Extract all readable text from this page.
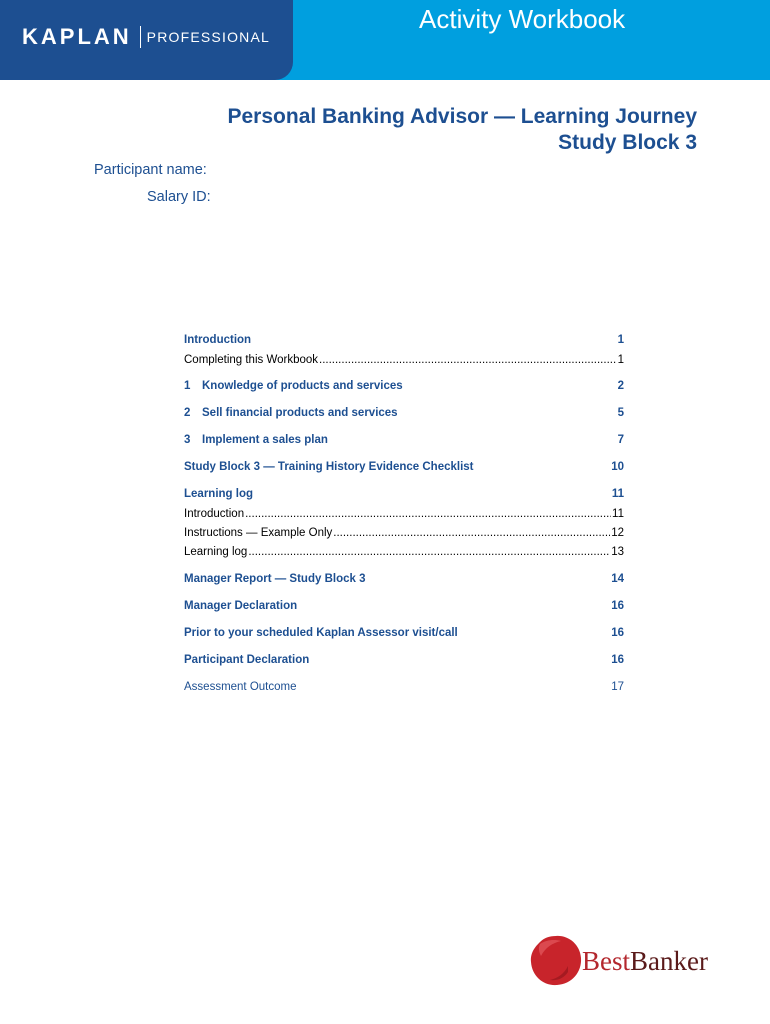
KAPLAN PROFESSIONAL
Activity Workbook
Personal Banking Advisor — Learning Journey
Study Block 3
Participant name:
Salary ID:
Introduction	1
Completing this Workbook .....	1
1 Knowledge of products and services	2
2 Sell financial products and services	5
3 Implement a sales plan	7
Study Block 3 — Training History Evidence Checklist	10
Learning log	11
Introduction .....	11
Instructions — Example Only .....	12
Learning log .....	13
Manager Report — Study Block 3	14
Manager Declaration	16
Prior to your scheduled Kaplan Assessor visit/call	16
Participant Declaration	16
Assessment Outcome	17
BestBanker
